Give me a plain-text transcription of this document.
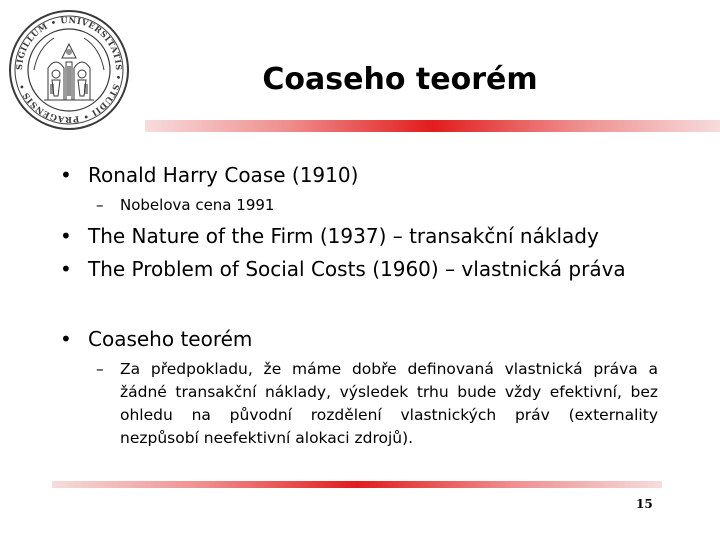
SIGILLUM • UNIVERSITATIS • STUDII • PRAGENSIS •	Coaseho teorém
• Ronald Harry Coase (1910)
– Nobelova cena 1991
• The Nature of the Firm (1937) – transakční náklady
• The Problem of Social Costs (1960) – vlastnická práva
• Coaseho teorém
– Za předpokladu, že máme dobře definovaná vlastnická práva a žádné transakční náklady, výsledek trhu bude vždy efektivní, bez ohledu na původní rozdělení vlastnických práv (externality nezpůsobí neefektivní alokaci zdrojů).
15
